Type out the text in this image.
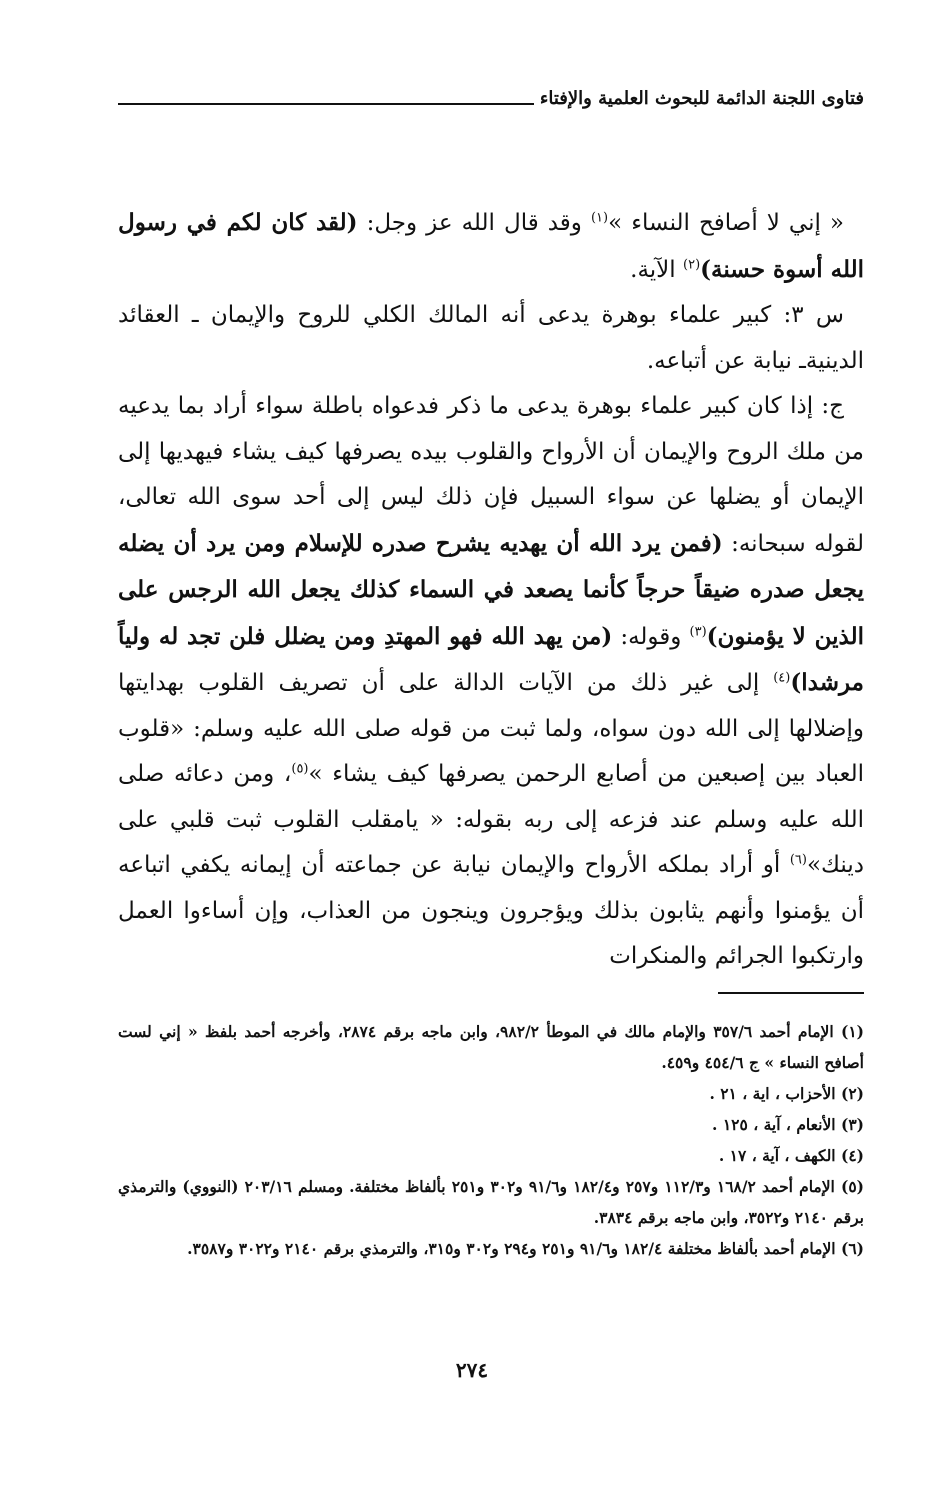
فتاوى اللجنة الدائمة للبحوث العلمية والإفتاء

« إني لا أصافح النساء »$^{(١)}$ وقد قال الله عز وجل: (لقد كان لكم في رسول الله أسوة حسنة)$^{(٢)}$ الآية.

س ٣: كبير علماء بوهرة يدعى أنه المالك الكلي للروح والإيمان ـ العقائد الدينيةـ نيابة عن أتباعه.

ج: إذا كان كبير علماء بوهرة يدعى ما ذكر فدعواه باطلة سواء أراد بما يدعيه من ملك الروح والإيمان أن الأرواح والقلوب بيده يصرفها كيف يشاء فيهديها إلى الإيمان أو يضلها عن سواء السبيل فإن ذلك ليس إلى أحد سوى الله تعالى، لقوله سبحانه: (فمن يرد الله أن يهديه يشرح صدره للإسلام ومن يرد أن يضله يجعل صدره ضيقاً حرجاً كأنما يصعد في السماء كذلك يجعل الله الرجس على الذين لا يؤمنون)$^{(٣)}$ وقوله: (من يهد الله فهو المهتدِ ومن يضلل فلن تجد له ولياً مرشدا)$^{(٤)}$ إلى غير ذلك من الآيات الدالة على أن تصريف القلوب بهدايتها وإضلالها إلى الله دون سواه، ولما ثبت من قوله صلى الله عليه وسلم: «قلوب العباد بين إصبعين من أصابع الرحمن يصرفها كيف يشاء »$^{(٥)}$، ومن دعائه صلى الله عليه وسلم عند فزعه إلى ربه بقوله: « يامقلب القلوب ثبت قلبي على دينك»$^{(٦)}$ أو أراد بملكه الأرواح والإيمان نيابة عن جماعته أن إيمانه يكفي اتباعه أن يؤمنوا وأنهم يثابون بذلك ويؤجرون وينجون من العذاب، وإن أساءوا العمل وارتكبوا الجرائم والمنكرات

(١) الإمام أحمد ٣٥٧/٦ والإمام مالك في الموطأ ٩٨٢/٢، وابن ماجه برقم ٢٨٧٤، وأخرجه أحمد بلفظ « إني لست أصافح النساء » ج ٤٥٤/٦ و٤٥٩.
(٢) الأحزاب ، اية ، ٢١ .
(٣) الأنعام ، آية ، ١٢٥ .
(٤) الكهف ، آية ، ١٧ .
(٥) الإمام أحمد ١٦٨/٢ و١١٢/٣ و٢٥٧ و١٨٢/٤ و٩١/٦ و٣٠٢ و٢٥١ بألفاظ مختلفة. ومسلم ٢٠٣/١٦ (النووي) والترمذي برقم ٢١٤٠ و٣٥٢٢، وابن ماجه برقم ٣٨٣٤.
(٦) الإمام أحمد بألفاظ مختلفة ١٨٢/٤ و٩١/٦ و٢٥١ و٢٩٤ و٣٠٢ و٣١٥، والترمذي برقم ٢١٤٠ و٣٠٢٢ و٣٥٨٧.
٢٧٤
